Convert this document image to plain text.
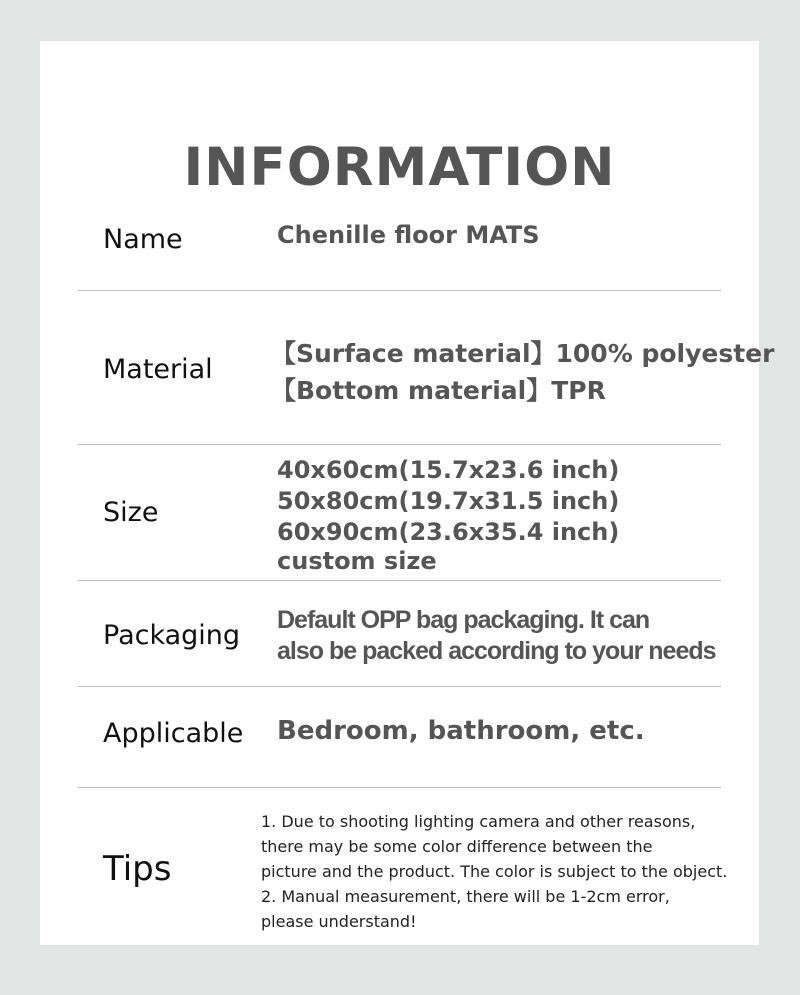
INFORMATION
Name	Chenille floor MATS
Material
【Surface material】100% polyester
【Bottom material】TPR
Size
40x60cm(15.7x23.6 inch)
50x80cm(19.7x31.5 inch)
60x90cm(23.6x35.4 inch)
custom size
Packaging Default OPP bag packaging. It can
also be packed according to your needs
Applicable Bedroom, bathroom, etc.
Tips
1. Due to shooting lighting camera and other reasons,
there may be some color difference between the
picture and the product. The color is subject to the object.
2. Manual measurement, there will be 1-2cm error,
please understand!
